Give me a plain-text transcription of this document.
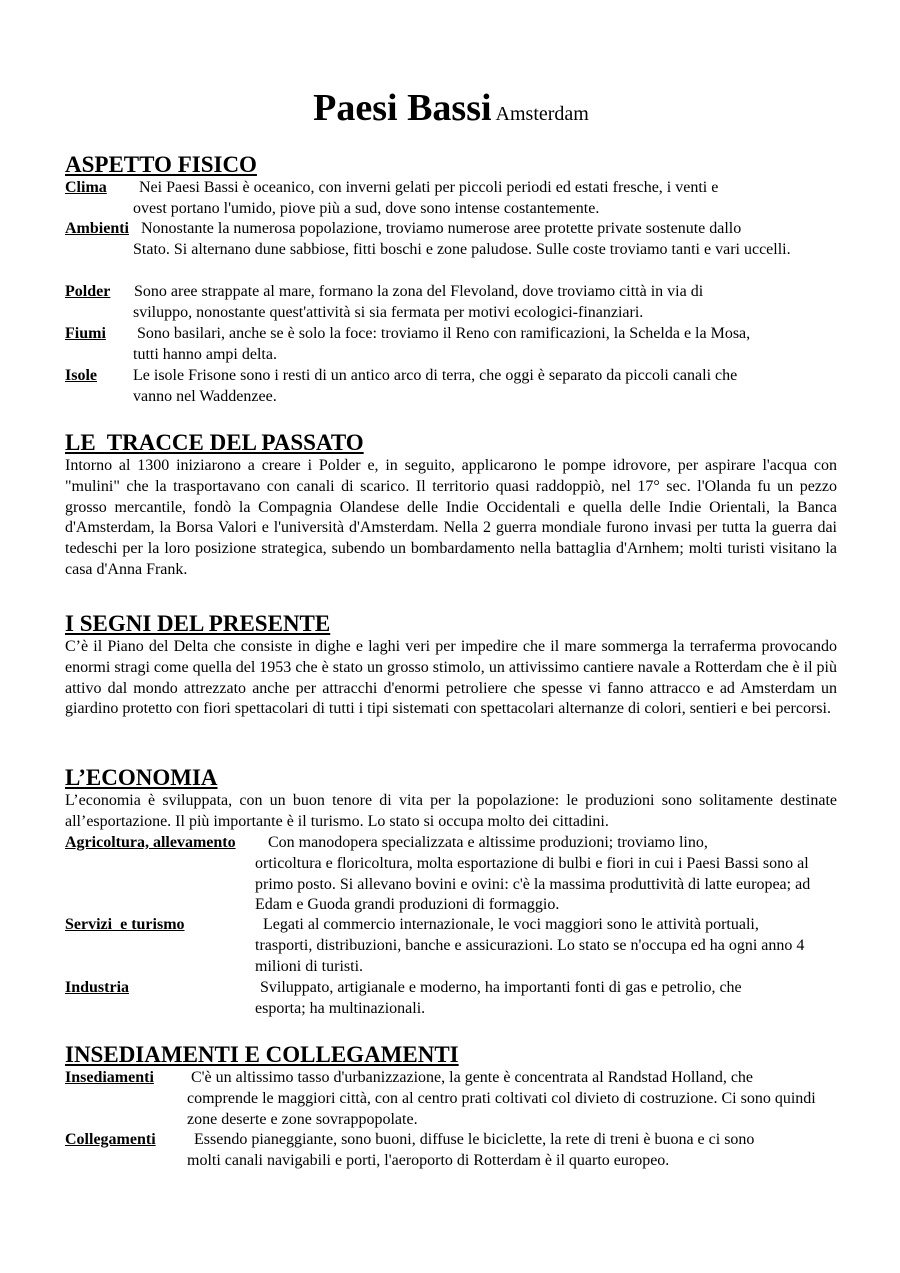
Paesi Bassi Amsterdam
ASPETTO FISICO
Clima	Nei Paesi Bassi è oceanico, con inverni gelati per piccoli periodi ed estati fresche, i venti e
ovest portano l'umido, piove più a sud, dove sono intense costantemente.
Ambienti Nonostante la numerosa popolazione, troviamo numerose aree protette private sostenute dallo
Stato. Si alternano dune sabbiose, fitti boschi e zone paludose. Sulle coste troviamo tanti e vari uccelli.
Polder	Sono aree strappate al mare, formano la zona del Flevoland, dove troviamo città in via di
sviluppo, nonostante quest'attività si sia fermata per motivi ecologici-finanziari.
Fiumi	Sono basilari, anche se è solo la foce: troviamo il Reno con ramificazioni, la Schelda e la Mosa,
tutti hanno ampi delta.
Isole	Le isole Frisone sono i resti di un antico arco di terra, che oggi è separato da piccoli canali che
vanno nel Waddenzee.
LE  TRACCE DEL PASSATO
Intorno al 1300 iniziarono a creare i Polder e, in seguito, applicarono le pompe idrovore, per aspirare l'acqua con "mulini" che la trasportavano con canali di scarico. Il territorio quasi raddoppiò, nel 17° sec. l'Olanda fu un pezzo grosso mercantile, fondò la Compagnia Olandese delle Indie Occidentali e quella delle Indie Orientali, la Banca d'Amsterdam, la Borsa Valori e l'università d'Amsterdam. Nella 2 guerra mondiale furono invasi per tutta la guerra dai tedeschi per la loro posizione strategica, subendo un bombardamento nella battaglia d'Arnhem; molti turisti visitano la casa d'Anna Frank.
I SEGNI DEL PRESENTE
C’è il Piano del Delta che consiste in dighe e laghi veri per impedire che il mare sommerga la terraferma provocando enormi stragi come quella del 1953 che è stato un grosso stimolo, un attivissimo cantiere navale a Rotterdam che è il più attivo dal mondo attrezzato anche per attracchi d'enormi petroliere che spesse vi fanno attracco e ad Amsterdam un giardino protetto con fiori spettacolari di tutti i tipi sistemati con spettacolari alternanze di colori, sentieri e bei percorsi.
L’ECONOMIA
L’economia è sviluppata, con un buon tenore di vita per la popolazione: le produzioni sono solitamente destinate all’esportazione. Il più importante è il turismo. Lo stato si occupa molto dei cittadini.
Agricoltura, allevamento	Con manodopera specializzata e altissime produzioni; troviamo lino,
orticoltura e floricoltura, molta esportazione di bulbi e fiori in cui i Paesi Bassi sono al primo posto. Si allevano bovini e ovini: c'è la massima produttività di latte europea; ad Edam e Guoda grandi produzioni di formaggio.
Servizi  e turismo	Legati al commercio internazionale, le voci maggiori sono le attività portuali,
trasporti, distribuzioni, banche e assicurazioni. Lo stato se n'occupa ed ha ogni anno 4 milioni di turisti.
Industria	Sviluppato, artigianale e moderno, ha importanti fonti di gas e petrolio, che
esporta; ha multinazionali.
INSEDIAMENTI E COLLEGAMENTI
Insediamenti	C'è un altissimo tasso d'urbanizzazione, la gente è concentrata al Randstad Holland, che
comprende le maggiori città, con al centro prati coltivati col divieto di costruzione. Ci sono quindi zone deserte e zone sovrappopolate.
Collegamenti	Essendo pianeggiante, sono buoni, diffuse le biciclette, la rete di treni è buona e ci sono
molti canali navigabili e porti, l'aeroporto di Rotterdam è il quarto europeo.
